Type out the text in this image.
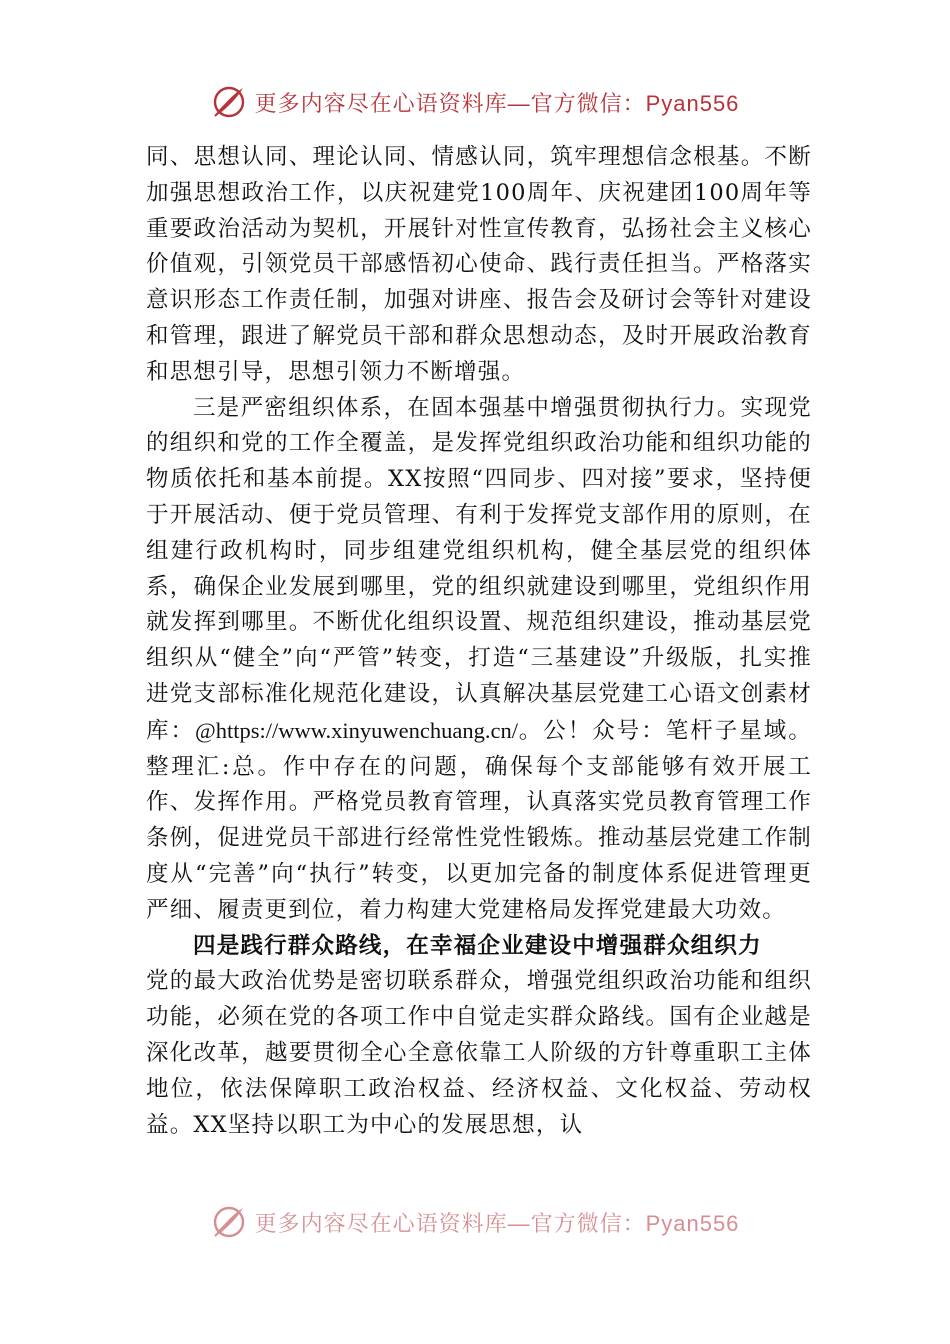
更多内容尽在心语资料库—官方微信：Pyan556

同、思想认同、理论认同、情感认同，筑牢理想信念根基。不断加强思想政治工作，以庆祝建党100周年、庆祝建团100周年等重要政治活动为契机，开展针对性宣传教育，弘扬社会主义核心价值观，引领党员干部感悟初心使命、践行责任担当。严格落实意识形态工作责任制，加强对讲座、报告会及研讨会等针对建设和管理，跟进了解党员干部和群众思想动态，及时开展政治教育和思想引导，思想引领力不断增强。

三是严密组织体系，在固本强基中增强贯彻执行力。实现党的组织和党的工作全覆盖，是发挥党组织政治功能和组织功能的物质依托和基本前提。XX按照“四同步、四对接”要求，坚持便于开展活动、便于党员管理、有利于发挥党支部作用的原则，在组建行政机构时，同步组建党组织机构，健全基层党的组织体系，确保企业发展到哪里，党的组织就建设到哪里，党组织作用就发挥到哪里。不断优化组织设置、规范组织建设，推动基层党组织从“健全”向“严管”转变，打造“三基建设”升级版，扎实推进党支部标准化规范化建设，认真解决基层党建工心语文创素材库：@https://www.xinyuwenchuang.cn/。公！众号：笔杆子星域。整理汇:总。作中存在的问题，确保每个支部能够有效开展工作、发挥作用。严格党员教育管理，认真落实党员教育管理工作条例，促进党员干部进行经常性党性锻炼。推动基层党建工作制度从“完善”向“执行”转变，以更加完备的制度体系促进管理更严细、履责更到位，着力构建大党建格局发挥党建最大功效。

四是践行群众路线，在幸福企业建设中增强群众组织力

党的最大政治优势是密切联系群众，增强党组织政治功能和组织功能，必须在党的各项工作中自觉走实群众路线。国有企业越是深化改革，越要贯彻全心全意依靠工人阶级的方针尊重职工主体地位，依法保障职工政治权益、经济权益、文化权益、劳动权益。XX坚持以职工为中心的发展思想，认

更多内容尽在心语资料库—官方微信：Pyan556
